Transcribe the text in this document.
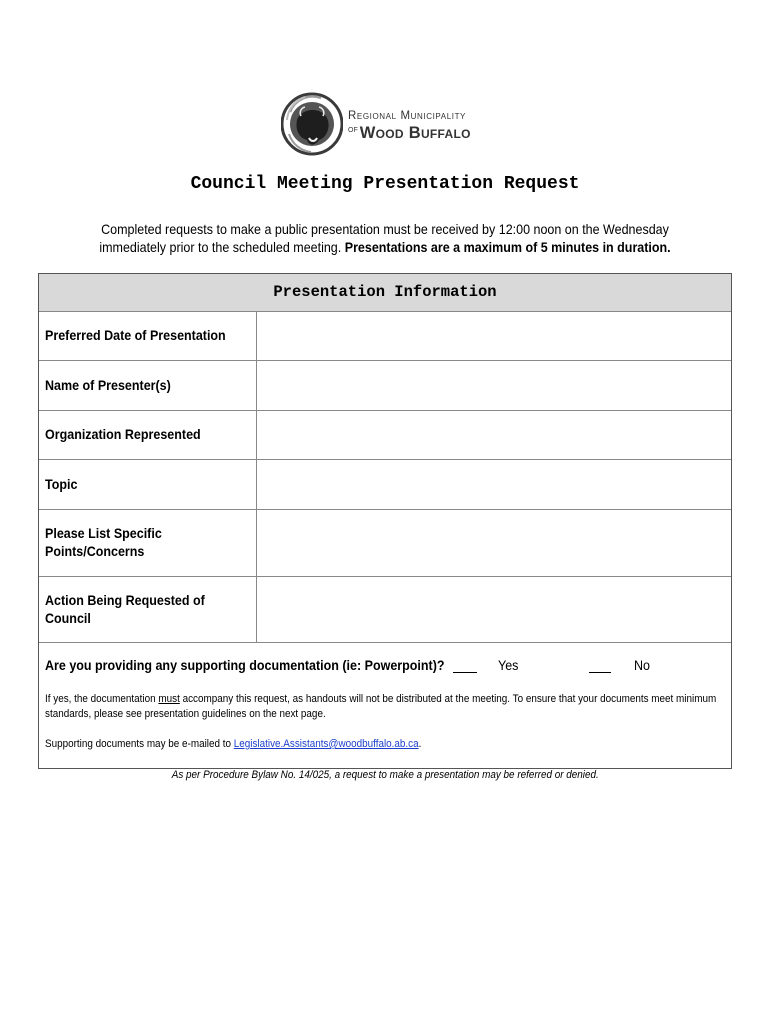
Regional Municipality
$^{of}$ Wood Buffalo
Council Meeting Presentation Request
Completed requests to make a public presentation must be received by 12:00 noon on the Wednesday immediately prior to the scheduled meeting. Presentations are a maximum of 5 minutes in duration.
Presentation Information
Preferred Date of Presentation
Name of Presenter(s)
Organization Represented
Topic
Please List Specific Points/Concerns
Action Being Requested of Council
Are you providing any supporting documentation (ie: Powerpoint)?	Yes	No
If yes, the documentation must accompany this request, as handouts will not be distributed at the meeting. To ensure that your documents meet minimum standards, please see presentation guidelines on the next page.
Supporting documents may be e-mailed to Legislative.Assistants@woodbuffalo.ab.ca.
As per Procedure Bylaw No. 14/025, a request to make a presentation may be referred or denied.
